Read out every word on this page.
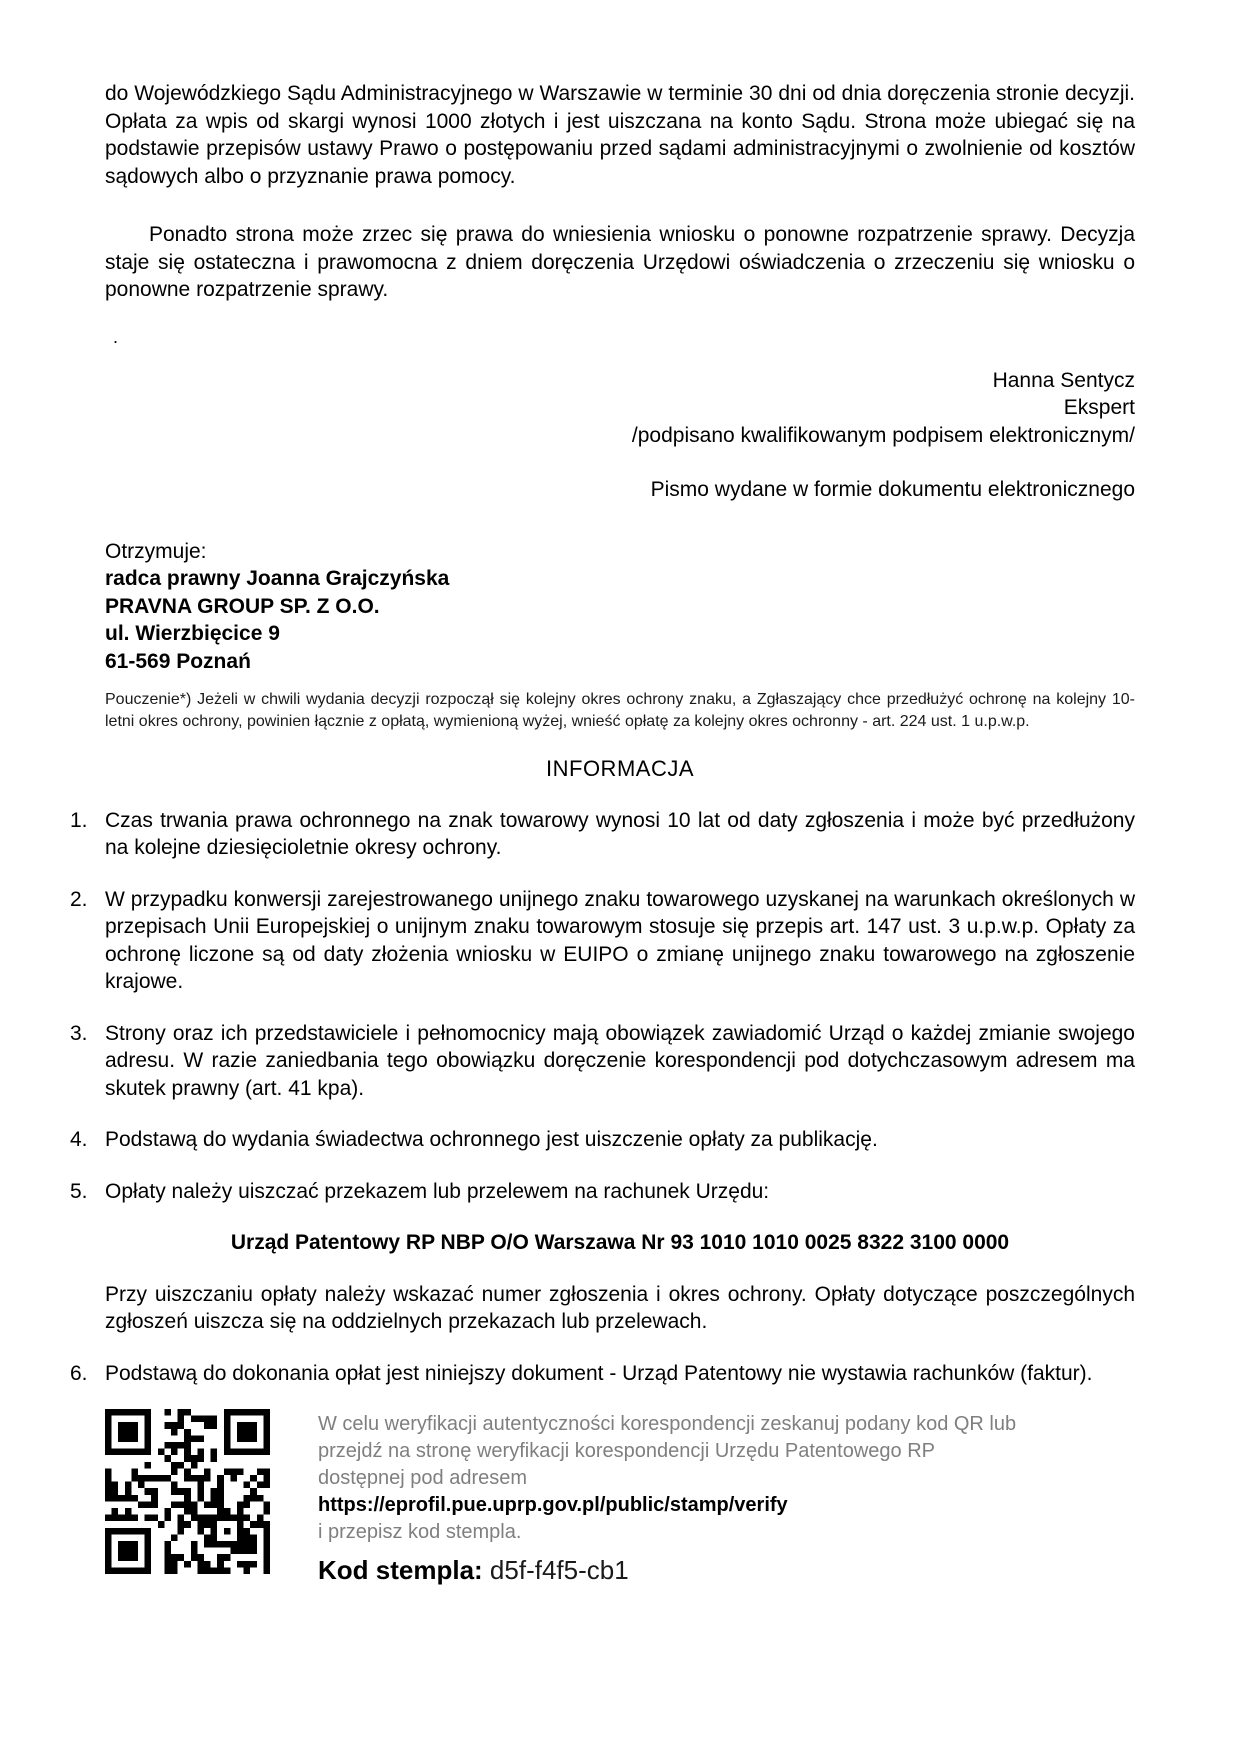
do Wojewódzkiego Sądu Administracyjnego w Warszawie w terminie 30 dni od dnia doręczenia stronie decyzji. Opłata za wpis od skargi wynosi 1000 złotych i jest uiszczana na konto Sądu. Strona może ubiegać się na podstawie przepisów ustawy Prawo o postępowaniu przed sądami administracyjnymi o zwolnienie od kosztów sądowych albo o przyznanie prawa pomocy.

Ponadto strona może zrzec się prawa do wniesienia wniosku o ponowne rozpatrzenie sprawy. Decyzja staje się ostateczna i prawomocna z dniem doręczenia Urzędowi oświadczenia o zrzeczeniu się wniosku o ponowne rozpatrzenie sprawy.

.

Hanna Sentycz

Ekspert

/podpisano kwalifikowanym podpisem elektronicznym/

Pismo wydane w formie dokumentu elektronicznego

Otrzymuje:

radca prawny Joanna Grajczyńska

PRAVNA GROUP SP. Z O.O.

ul. Wierzbięcice 9

61-569 Poznań

Pouczenie*) Jeżeli w chwili wydania decyzji rozpoczął się kolejny okres ochrony znaku, a Zgłaszający chce przedłużyć ochronę na kolejny 10-letni okres ochrony, powinien łącznie z opłatą, wymienioną wyżej, wnieść opłatę za kolejny okres ochronny - art. 224 ust. 1 u.p.w.p.

INFORMACJA

1. Czas trwania prawa ochronnego na znak towarowy wynosi 10 lat od daty zgłoszenia i może być przedłużony na kolejne dziesięcioletnie okresy ochrony.

2. W przypadku konwersji zarejestrowanego unijnego znaku towarowego uzyskanej na warunkach określonych w przepisach Unii Europejskiej o unijnym znaku towarowym stosuje się przepis art. 147 ust. 3 u.p.w.p. Opłaty za ochronę liczone są od daty złożenia wniosku w EUIPO o zmianę unijnego znaku towarowego na zgłoszenie krajowe.

3. Strony oraz ich przedstawiciele i pełnomocnicy mają obowiązek zawiadomić Urząd o każdej zmianie swojego adresu. W razie zaniedbania tego obowiązku doręczenie korespondencji pod dotychczasowym adresem ma skutek prawny (art. 41 kpa).

4. Podstawą do wydania świadectwa ochronnego jest uiszczenie opłaty za publikację.

5. Opłaty należy uiszczać przekazem lub przelewem na rachunek Urzędu:

Urząd Patentowy RP NBP O/O Warszawa Nr 93 1010 1010 0025 8322 3100 0000

Przy uiszczaniu opłaty należy wskazać numer zgłoszenia i okres ochrony. Opłaty dotyczące poszczególnych zgłoszeń uiszcza się na oddzielnych przekazach lub przelewach.

6. Podstawą do dokonania opłat jest niniejszy dokument - Urząd Patentowy nie wystawia rachunków (faktur).

W celu weryfikacji autentyczności korespondencji zeskanuj podany kod QR lub przejdź na stronę weryfikacji korespondencji Urzędu Patentowego RP dostępnej pod adresem
https://eprofil.pue.uprp.gov.pl/public/stamp/verify
i przepisz kod stempla.
Kod stempla: d5f-f4f5-cb1
